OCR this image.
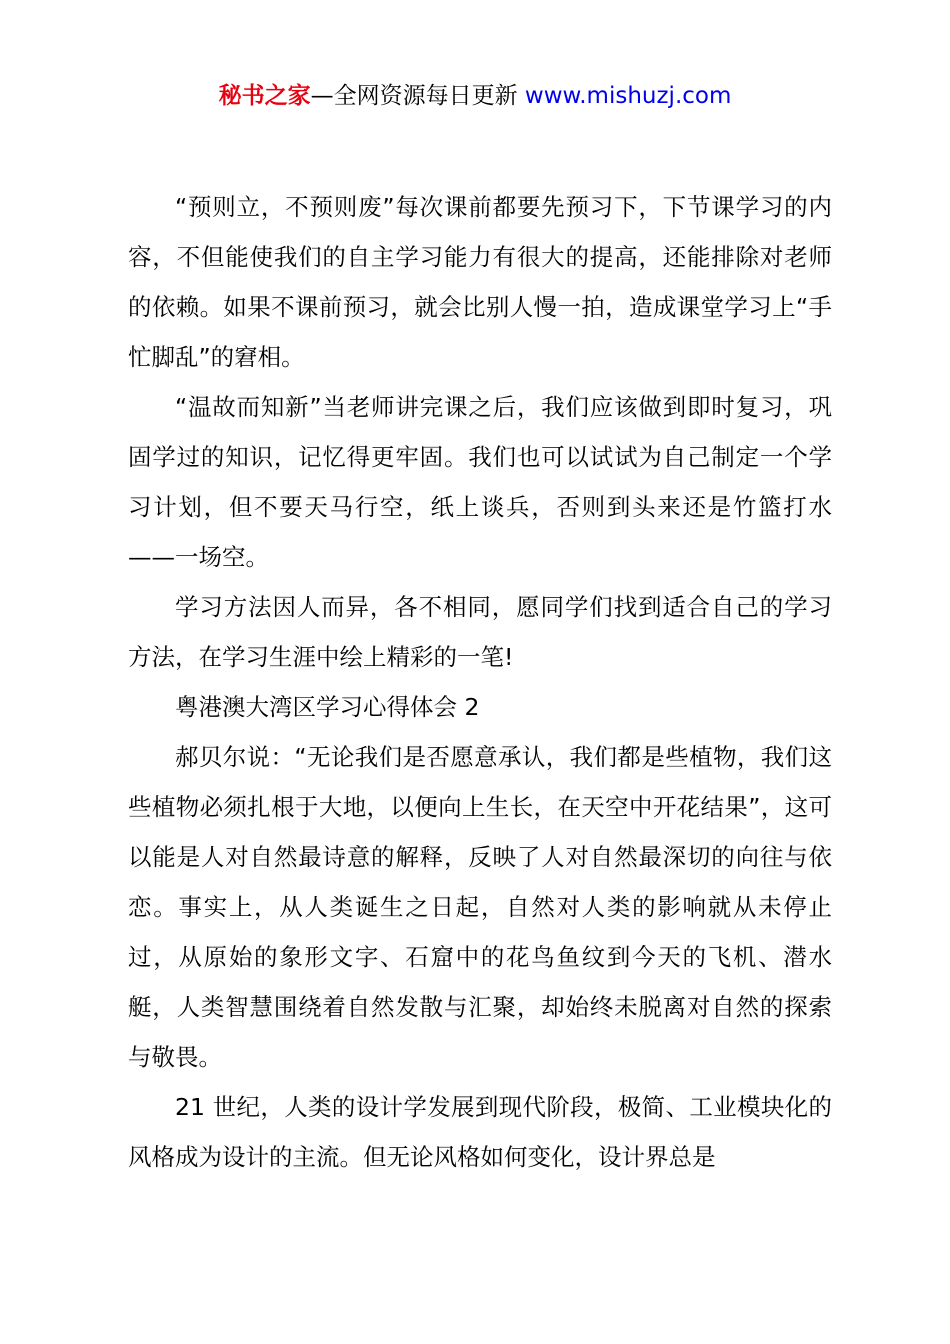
秘书之家—全网资源每日更新 www.mishuzj.com

“预则立，不预则废”每次课前都要先预习下，下节课学习的内容，不但能使我们的自主学习能力有很大的提高，还能排除对老师的依赖。如果不课前预习，就会比别人慢一拍，造成课堂学习上“手忙脚乱”的窘相。

“温故而知新”当老师讲完课之后，我们应该做到即时复习，巩固学过的知识，记忆得更牢固。我们也可以试试为自己制定一个学习计划，但不要天马行空，纸上谈兵，否则到头来还是竹篮打水——一场空。

学习方法因人而异，各不相同，愿同学们找到适合自己的学习方法，在学习生涯中绘上精彩的一笔!

粤港澳大湾区学习心得体会 2

郝贝尔说：“无论我们是否愿意承认，我们都是些植物，我们这些植物必须扎根于大地，以便向上生长，在天空中开花结果”，这可以能是人对自然最诗意的解释，反映了人对自然最深切的向往与依恋。事实上，从人类诞生之日起，自然对人类的影响就从未停止过，从原始的象形文字、石窟中的花鸟鱼纹到今天的飞机、潜水艇，人类智慧围绕着自然发散与汇聚，却始终未脱离对自然的探索与敬畏。

21 世纪，人类的设计学发展到现代阶段，极简、工业模块化的风格成为设计的主流。但无论风格如何变化，设计界总是
